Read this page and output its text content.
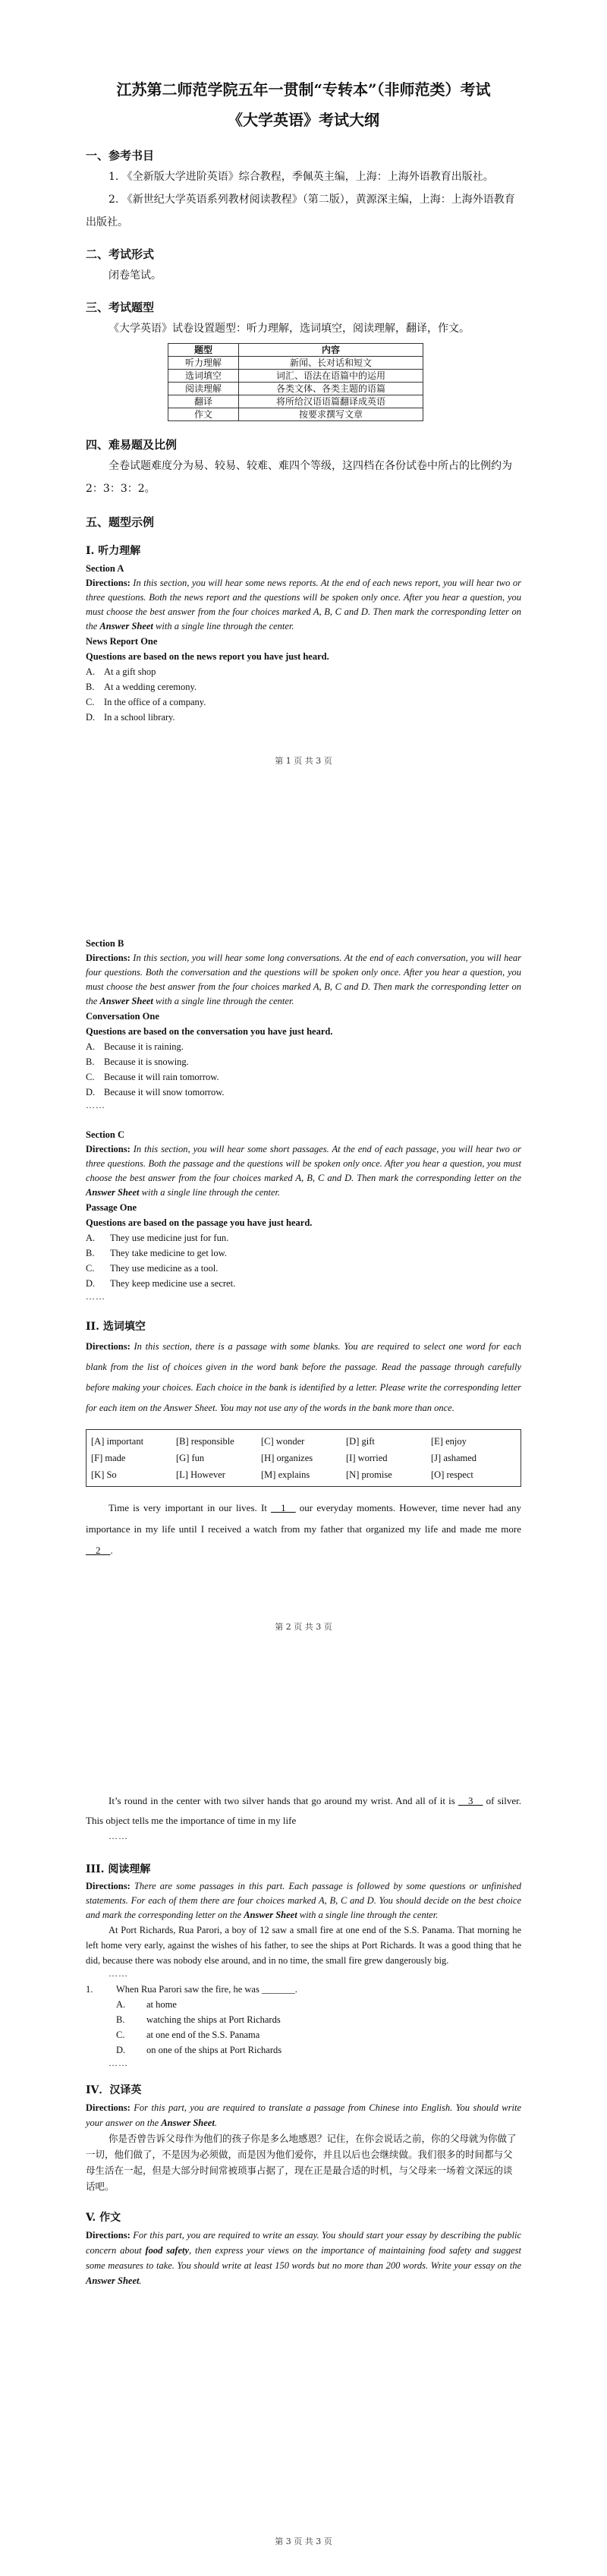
江苏第二师范学院五年一贯制“专转本”（非师范类）考试
《大学英语》考试大纲
一、参考书目
1. 《全新版大学进阶英语》综合教程，季佩英主编，上海：上海外语教育出版社。
2. 《新世纪大学英语系列教材阅读教程》（第二版），黄源深主编，上海：上海外语教育出版社。
二、考试形式
闭卷笔试。
三、考试题型
《大学英语》试卷设置题型：听力理解，选词填空，阅读理解，翻译，作文。
题型	内容
听力理解	新闻、长对话和短文
选词填空	词汇、语法在语篇中的运用
阅读理解	各类文体、各类主题的语篇
翻译	将所给汉语语篇翻译成英语
作文	按要求撰写文章
四、难易题及比例
全卷试题难度分为易、较易、较难、难四个等级，这四档在各份试卷中所占的比例约为2：3：3：2。
五、题型示例
I. 听力理解
Section A
Directions: In this section, you will hear some news reports. At the end of each news report, you will hear two or three questions. Both the news report and the questions will be spoken only once. After you hear a question, you must choose the best answer from the four choices marked A, B, C and D. Then mark the corresponding letter on the Answer Sheet with a single line through the center.
News Report One
Questions are based on the news report you have just heard.
A. At a gift shop
B. At a wedding ceremony.
C. In the office of a company.
D. In a school library.
第 1 页 共 3 页
Section B
Directions: In this section, you will hear some long conversations. At the end of each conversation, you will hear four questions. Both the conversation and the questions will be spoken only once. After you hear a question, you must choose the best answer from the four choices marked A, B, C and D. Then mark the corresponding letter on the Answer Sheet with a single line through the center.
Conversation One
Questions are based on the conversation you have just heard.
A. Because it is raining.
B. Because it is snowing.
C. Because it will rain tomorrow.
D. Because it will snow tomorrow.
……
Section C
Directions: In this section, you will hear some short passages. At the end of each passage, you will hear two or three questions. Both the passage and the questions will be spoken only once. After you hear a question, you must choose the best answer from the four choices marked A, B, C and D. Then mark the corresponding letter on the Answer Sheet with a single line through the center.
Passage One
Questions are based on the passage you have just heard.
A. They use medicine just for fun.
B. They take medicine to get low.
C. They use medicine as a tool.
D. They keep medicine use a secret.
……
II. 选词填空
Directions: In this section, there is a passage with some blanks. You are required to select one word for each blank from the list of choices given in the word bank before the passage. Read the passage through carefully before making your choices. Each choice in the bank is identified by a letter. Please write the corresponding letter for each item on the Answer Sheet. You may not use any of the words in the bank more than once.
[A] important	[B] responsible	[C] wonder	[D] gift	[E] enjoy
[F] made	[G] fun	[H] organizes	[I] worried	[J] ashamed
[K] So	[L] However	[M] explains	[N] promise	[O] respect
Time is very important in our lives. It __1__ our everyday moments. However, time never had any importance in my life until I received a watch from my father that organized my life and made me more __2__.
第 2 页 共 3 页
It’s round in the center with two silver hands that go around my wrist. And all of it is __3__ of silver. This object tells me the importance of time in my life
……
III. 阅读理解
Directions: There are some passages in this part. Each passage is followed by some questions or unfinished statements. For each of them there are four choices marked A, B, C and D. You should decide on the best choice and mark the corresponding letter on the Answer Sheet with a single line through the center.
At Port Richards, Rua Parori, a boy of 12 saw a small fire at one end of the S.S. Panama. That morning he left home very early, against the wishes of his father, to see the ships at Port Richards. It was a good thing that he did, because there was nobody else around, and in no time, the small fire grew dangerously big.
……
1. When Rua Parori saw the fire, he was _______.
A. at home
B. watching the ships at Port Richards
C. at one end of the S.S. Panama
D. on one of the ships at Port Richards
……
IV．汉译英
Directions: For this part, you are required to translate a passage from Chinese into English. You should write your answer on the Answer Sheet.
你是否曾告诉父母作为他们的孩子你是多么地感恩？记住，在你会说话之前，你的父母就为你做了一切，他们做了，不是因为必须做，而是因为他们爱你，并且以后也会继续做。我们很多的时间都与父母生活在一起，但是大部分时间常被琐事占据了，现在正是最合适的时机，与父母来一场着文深远的谈话吧。
V. 作文
Directions: For this part, you are required to write an essay. You should start your essay by describing the public concern about food safety, then express your views on the importance of maintaining food safety and suggest some measures to take. You should write at least 150 words but no more than 200 words. Write your essay on the Answer Sheet.
第 3 页 共 3 页
